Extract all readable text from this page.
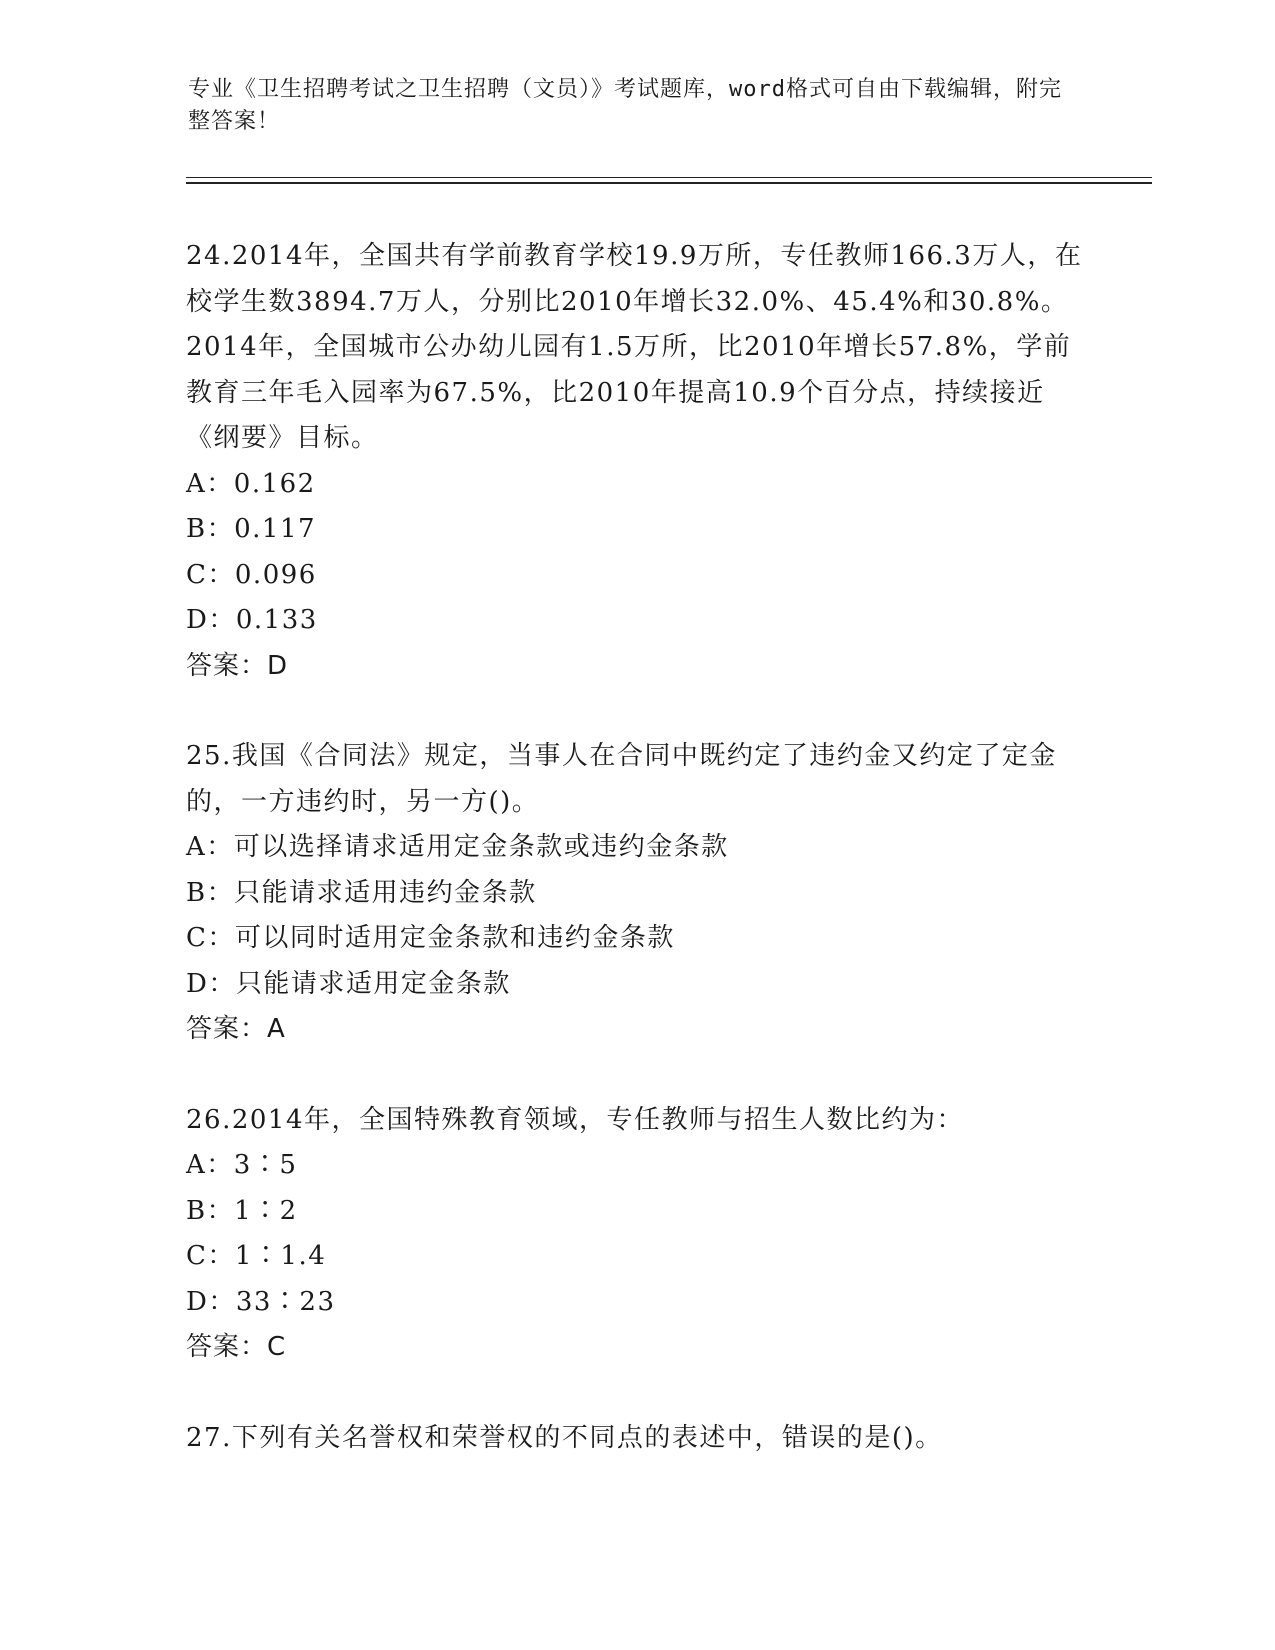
专业《卫生招聘考试之卫生招聘（文员）》考试题库，word格式可自由下载编辑，附完整答案！

24.2014年，全国共有学前教育学校19.9万所，专任教师166.3万人，在校学生数3894.7万人，分别比2010年增长32.0%、45.4%和30.8%。2014年，全国城市公办幼儿园有1.5万所，比2010年增长57.8%，学前教育三年毛入园率为67.5%，比2010年提高10.9个百分点，持续接近《纲要》目标。

A：0.162

B：0.117

C：0.096

D：0.133

答案：D

25.我国《合同法》规定，当事人在合同中既约定了违约金又约定了定金的，一方违约时，另一方()。

A：可以选择请求适用定金条款或违约金条款

B：只能请求适用违约金条款

C：可以同时适用定金条款和违约金条款

D：只能请求适用定金条款

答案：A

26.2014年，全国特殊教育领域，专任教师与招生人数比约为：

A：3∶5

B：1∶2

C：1∶1.4

D：33∶23

答案：C

27.下列有关名誉权和荣誉权的不同点的表述中，错误的是()。
